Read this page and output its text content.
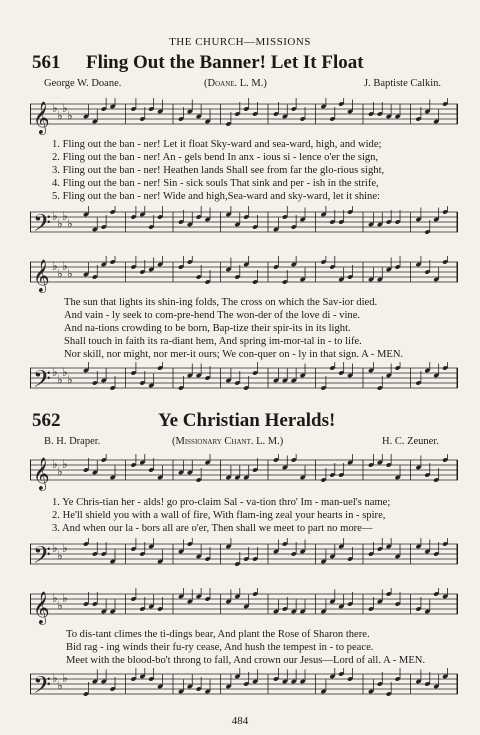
THE CHURCH—MISSIONS
561 Fling Out the Banner! Let It Float
George W. Doane.	(Doane. L. M.)	J. Baptiste Calkin.
𝄞 ♭
♭
♭
♭
1. Fling out the ban - ner! Let it float Sky-ward and sea-ward, high, and wide;
2. Fling out the ban - ner! An - gels bend In anx - ious si - lence o'er the sign,
3. Fling out the ban - ner! Heathen lands Shall see from far the glo-rious sight,
4. Fling out the ban - ner! Sin - sick souls That sink and per - ish in the strife,
5. Fling out the ban - ner! Wide and high,Sea-ward and sky-ward, let it shine:
𝄢 ♭
♭
♭
♭
𝄞 ♭
♭
♭
♭
The sun that lights its shin-ing folds, The cross on which the Sav-ior died.
And vain - ly seek to com-pre-hend The won-der of the love di - vine.
And na-tions crowding to be born, Bap-tize their spir-its in its light.
Shall touch in faith its ra-diant hem, And spring im-mor-tal in - to life.
Nor skill, nor might, nor mer-it ours; We con-quer on - ly in that sign. A - MEN.
𝄢 ♭
♭
♭
♭
562	Ye Christian Heralds!
B. H. Draper.	(Missionary Chant. L. M.)	H. C. Zeuner.
𝄞 ♭
♭
♭
1. Ye Chris-tian her - alds! go pro-claim Sal - va-tion thro' Im - man-uel's name;
2. He'll shield you with a wall of fire, With flam-ing zeal your hearts in - spire,
3. And when our la - bors all are o'er, Then shall we meet to part no more—
𝄢 ♭
♭
♭
𝄞 ♭
♭
♭
To dis-tant climes the ti-dings bear, And plant the Rose of Sharon there.
Bid rag - ing winds their fu-ry cease, And hush the tempest in - to peace.
Meet with the blood-bo't throng to fall, And crown our Jesus—Lord of all. A - MEN.
𝄢 ♭
♭
♭
484
